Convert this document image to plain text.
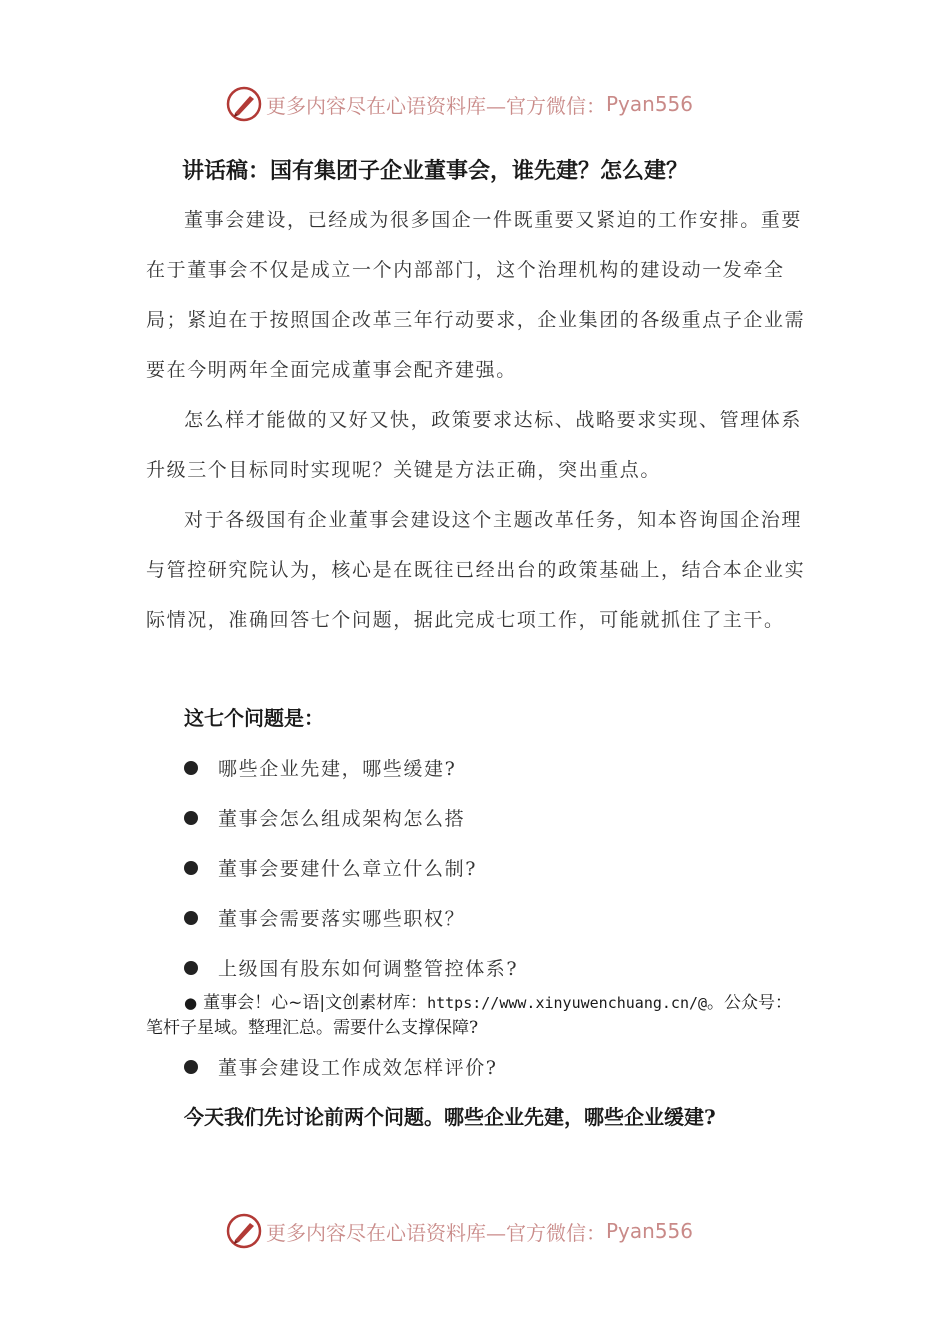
更多内容尽在心语资料库—官方微信： Pyan556
讲话稿：国有集团子企业董事会，谁先建？怎么建？

董事会建设，已经成为很多国企一件既重要又紧迫的工作安排。重要在于董事会不仅是成立一个内部部门，这个治理机构的建设动一发牵全局；紧迫在于按照国企改革三年行动要求，企业集团的各级重点子企业需要在今明两年全面完成董事会配齐建强。

怎么样才能做的又好又快，政策要求达标、战略要求实现、管理体系升级三个目标同时实现呢？关键是方法正确，突出重点。

对于各级国有企业董事会建设这个主题改革任务，知本咨询国企治理与管控研究院认为，核心是在既往已经出台的政策基础上，结合本企业实际情况，准确回答七个问题，据此完成七项工作，可能就抓住了主干。

这七个问题是：
哪些企业先建，哪些缓建?
董事会怎么组成架构怎么搭
董事会要建什么章立什么制?
董事会需要落实哪些职权？
上级国有股东如何调整管控体系?

● 董事会！心~语|文创素材库：https://www.xinyuwenchuang.cn/@。公众号：笔杆子星域。整理汇总。需要什么支撑保障?

董事会建设工作成效怎样评价?
今天我们先讨论前两个问题。哪些企业先建，哪些企业缓建?
更多内容尽在心语资料库—官方微信： Pyan556
